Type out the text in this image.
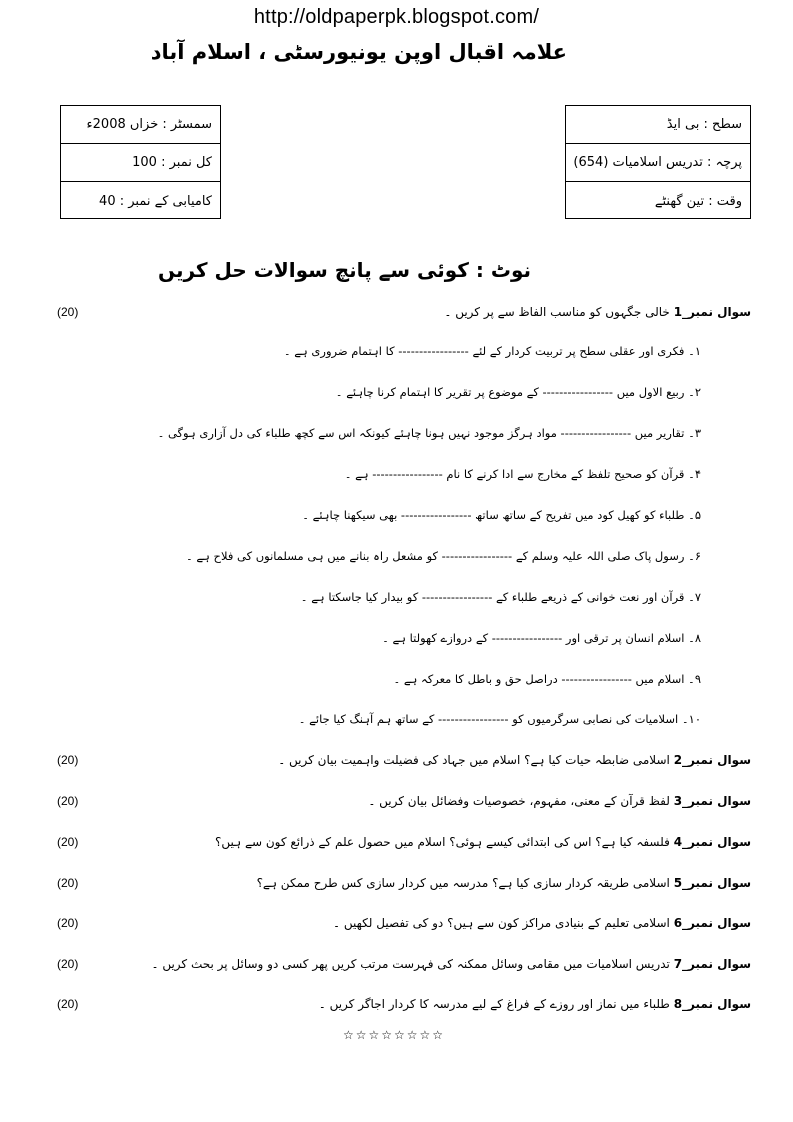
http://oldpaperpk.blogspot.com/
علامہ اقبال اوپن یونیورسٹی ، اسلام آباد
سمسٹر : خزاں 2008ء
کل نمبر : 100
کامیابی کے نمبر : 40
سطح : بی ایڈ
پرچہ : تدریس اسلامیات (654)
وقت : تین گھنٹے
نوٹ : کوئی سے پانچ سوالات حل کریں
سوال نمبر_1 خالی جگہوں کو مناسب الفاظ سے پر کریں ۔
(20)
۱۔ فکری اور عقلی سطح پر تربیت کردار کے لئے ----------------- کا اہتمام ضروری ہے ۔
۲۔ ربیع الاول میں ----------------- کے موضوع پر تقریر کا اہتمام کرنا چاہئے ۔
۳۔ تقاریر میں ----------------- مواد ہرگز موجود نہیں ہونا چاہئے کیونکہ اس سے کچھ طلباء کی دل آزاری ہوگی ۔
۴۔ قرآن کو صحیح تلفظ کے مخارج سے ادا کرنے کا نام ----------------- ہے ۔
۵۔ طلباء کو کھیل کود میں تفریح کے ساتھ ساتھ ----------------- بھی سیکھنا چاہئے ۔
۶۔ رسول پاک صلی اللہ علیہ وسلم کے ----------------- کو مشعل راہ بنانے میں ہی مسلمانوں کی فلاح ہے ۔
۷۔ قرآن اور نعت خوانی کے ذریعے طلباء کے ----------------- کو بیدار کیا جاسکتا ہے ۔
۸۔ اسلام انسان پر ترقی اور ----------------- کے دروازے کھولتا ہے ۔
۹۔ اسلام میں ----------------- دراصل حق و باطل کا معرکہ ہے ۔
۱۰۔ اسلامیات کی نصابی سرگرمیوں کو ----------------- کے ساتھ ہم آہنگ کیا جائے ۔
سوال نمبر_2 اسلامی ضابطہ حیات کیا ہے؟ اسلام میں جہاد کی فضیلت واہمیت بیان کریں ۔
(20)
سوال نمبر_3 لفظ قرآن کے معنی، مفہوم، خصوصیات وفضائل بیان کریں ۔
(20)
سوال نمبر_4 فلسفہ کیا ہے؟ اس کی ابتدائی کیسے ہوئی؟ اسلام میں حصول علم کے ذرائع کون سے ہیں؟
(20)
سوال نمبر_5 اسلامی طریقہ کردار سازی کیا ہے؟ مدرسہ میں کردار سازی کس طرح ممکن ہے؟
(20)
سوال نمبر_6 اسلامی تعلیم کے بنیادی مراکز کون سے ہیں؟ دو کی تفصیل لکھیں ۔
(20)
سوال نمبر_7 تدریس اسلامیات میں مقامی وسائل ممکنہ کی فہرست مرتب کریں پھر کسی دو وسائل پر بحث کریں ۔
(20)
سوال نمبر_8 طلباء میں نماز اور روزے کے فراغ کے لیے مدرسہ کا کردار اجاگر کریں ۔
(20)
☆☆☆☆☆☆☆☆
